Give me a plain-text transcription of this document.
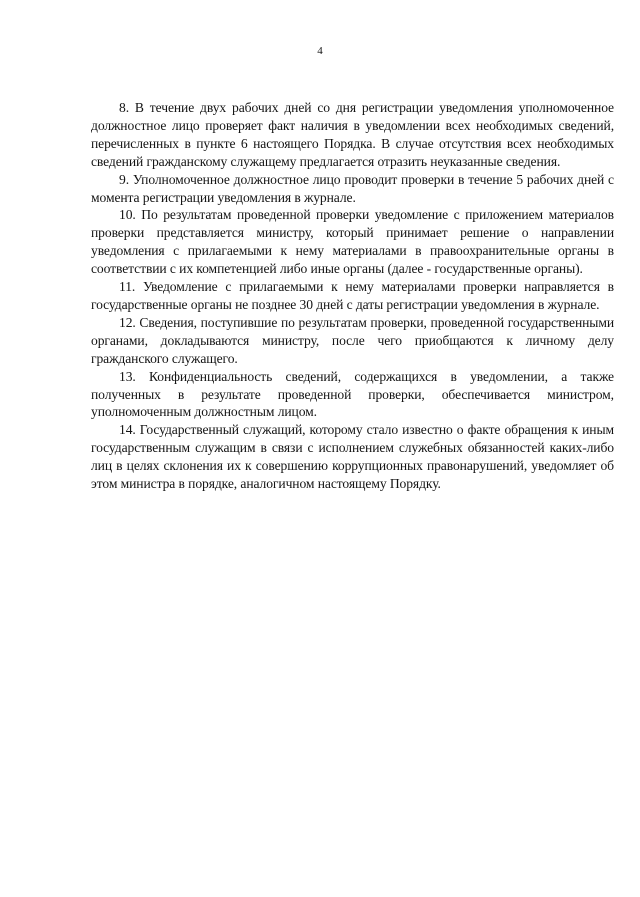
4

8. В течение двух рабочих дней со дня регистрации уведомления уполномоченное должностное лицо проверяет факт наличия в уведомлении всех необходимых сведений, перечисленных в пункте 6 настоящего Порядка. В случае отсутствия всех необходимых сведений гражданскому служащему предлагается отразить неуказанные сведения.

9. Уполномоченное должностное лицо проводит проверки в течение 5 рабочих дней с момента регистрации уведомления в журнале.

10. По результатам проведенной проверки уведомление с приложением материалов проверки представляется министру, который принимает решение о направлении уведомления с прилагаемыми к нему материалами в правоохранительные органы в соответствии с их компетенцией либо иные органы (далее - государственные органы).

11. Уведомление с прилагаемыми к нему материалами проверки направляется в государственные органы не позднее 30 дней с даты регистрации уведомления в журнале.

12. Сведения, поступившие по результатам проверки, проведенной государственными органами, докладываются министру, после чего приобщаются к личному делу гражданского служащего.

13. Конфиденциальность сведений, содержащихся в уведомлении, а также полученных в результате проведенной проверки, обеспечивается министром, уполномоченным должностным лицом.

14. Государственный служащий, которому стало известно о факте обращения к иным государственным служащим в связи с исполнением служебных обязанностей каких-либо лиц в целях склонения их к совершению коррупционных правонарушений, уведомляет об этом министра в порядке, аналогичном настоящему Порядку.
